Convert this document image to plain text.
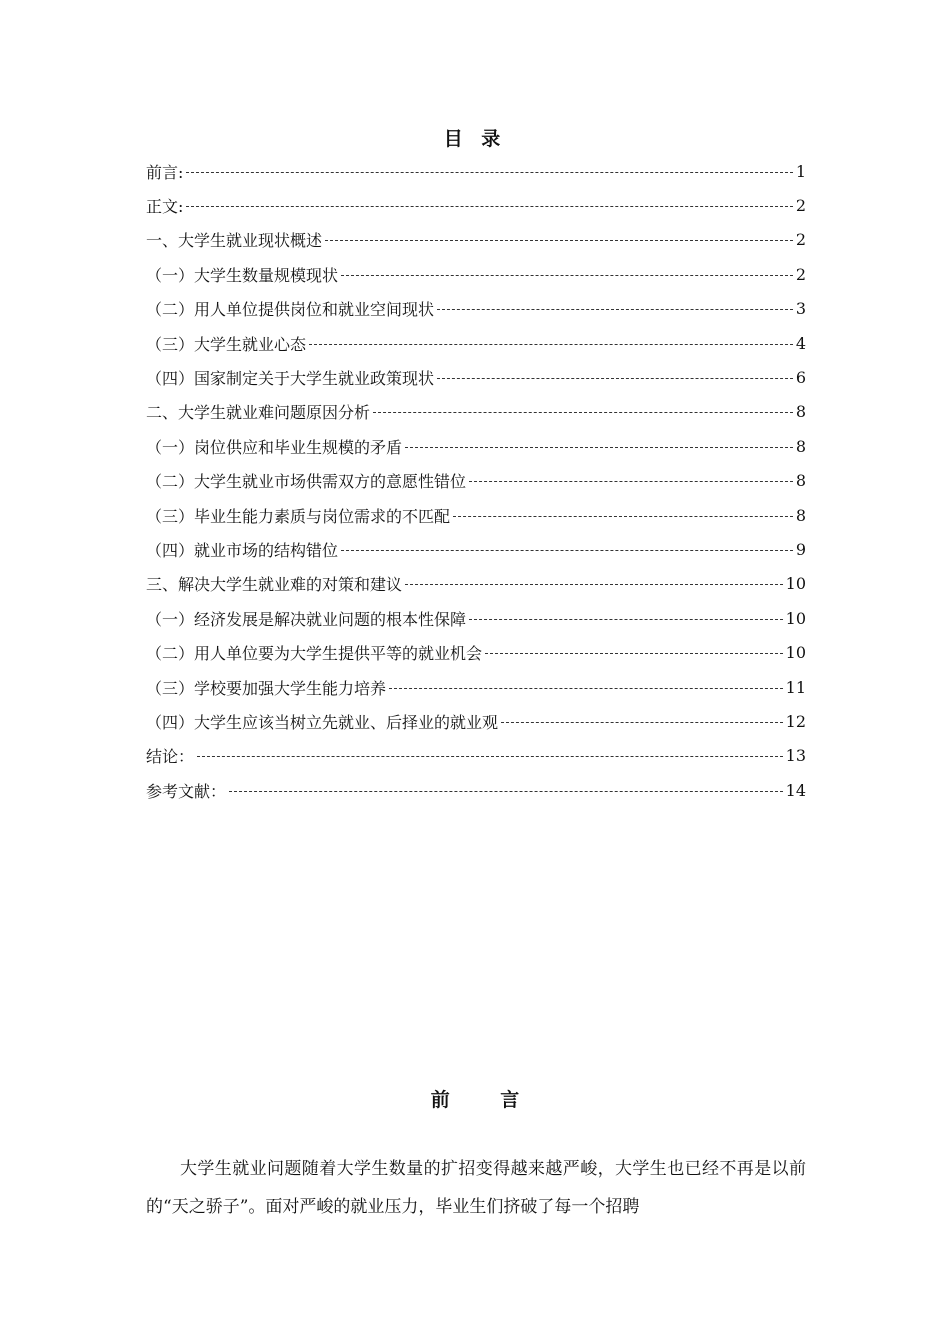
目 录
前言:	1
正文:	2
一、大学生就业现状概述	2
（一）大学生数量规模现状	2
（二）用人单位提供岗位和就业空间现状	3
（三）大学生就业心态	4
（四）国家制定关于大学生就业政策现状	6
二、大学生就业难问题原因分析	8
（一）岗位供应和毕业生规模的矛盾	8
（二）大学生就业市场供需双方的意愿性错位	8
（三）毕业生能力素质与岗位需求的不匹配	8
（四）就业市场的结构错位	9
三、解决大学生就业难的对策和建议	10
（一）经济发展是解决就业问题的根本性保障	10
（二）用人单位要为大学生提供平等的就业机会	10
（三）学校要加强大学生能力培养	11
（四）大学生应该当树立先就业、后择业的就业观	12
结论：	13
参考文献：	14
前 言

大学生就业问题随着大学生数量的扩招变得越来越严峻，大学生也已经不再是以前的“天之骄子”。面对严峻的就业压力，毕业生们挤破了每一个招聘
